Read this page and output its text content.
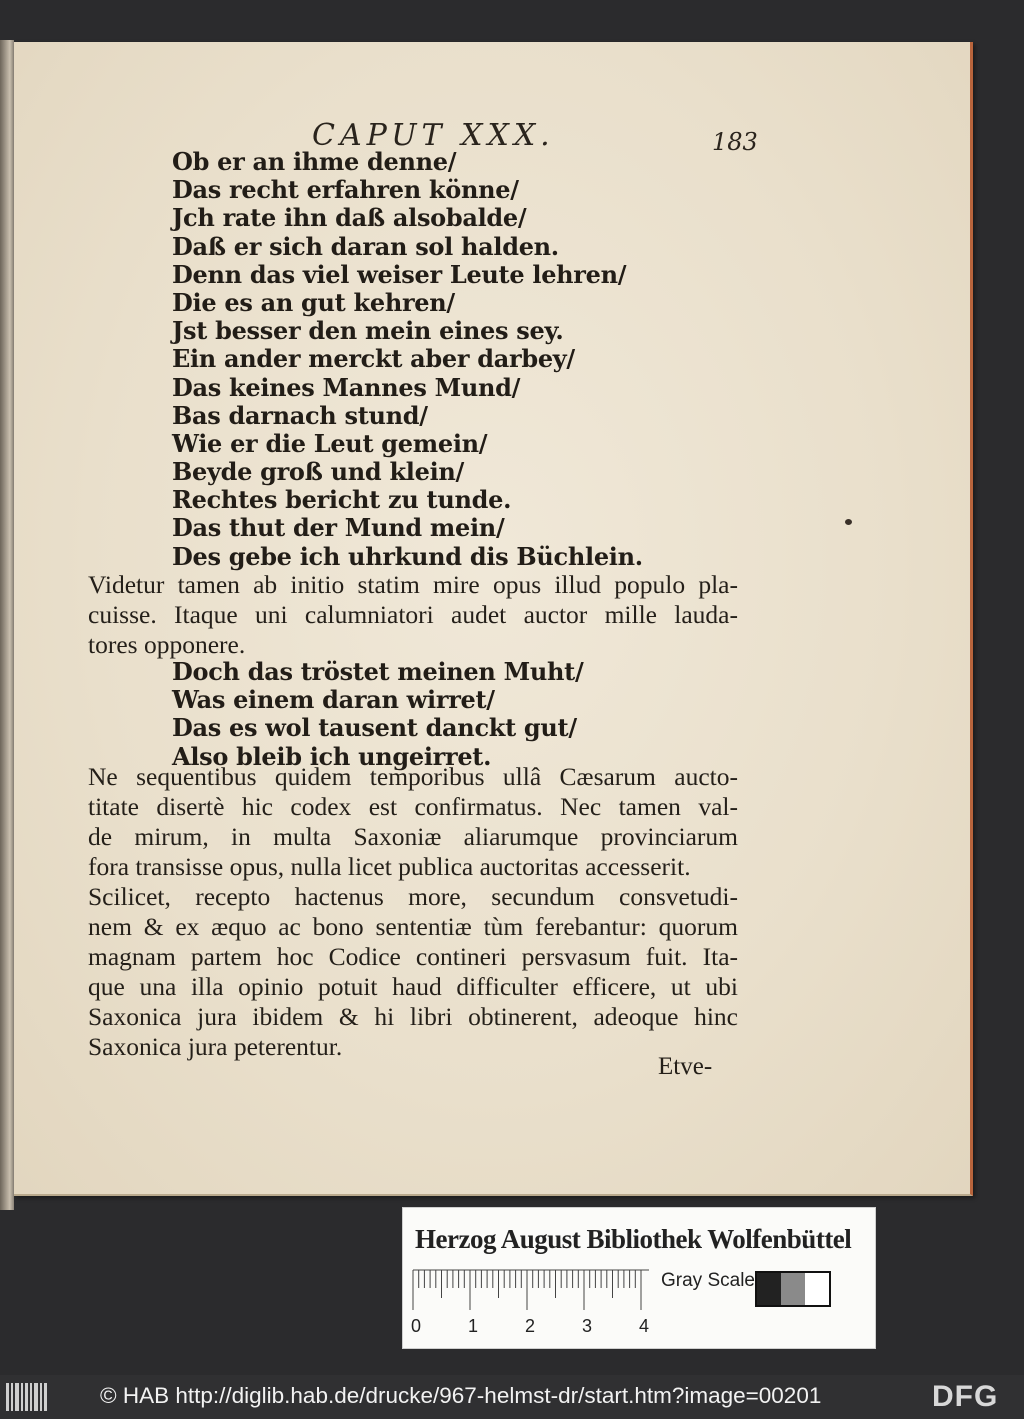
CAPUT XXX.	183
Ob er an ihme denne/
Das recht erfahren könne/
Jch rate ihn daß alsobalde/
Daß er sich daran sol halden.
Denn das viel weiser Leute lehren/
Die es an gut kehren/
Jst besser den mein eines sey.
Ein ander merckt aber darbey/
Das keines Mannes Mund/
Bas darnach stund/
Wie er die Leut gemein/
Beyde groß und klein/
Rechtes bericht zu tunde.
Das thut der Mund mein/
Des gebe ich uhrkund dis Büchlein.
Videtur tamen ab initio statim mire opus illud populo pla-
cuisse. Itaque uni calumniatori audet auctor mille lauda-
tores opponere.
Doch das tröstet meinen Muht/
Was einem daran wirret/
Das es wol tausent danckt gut/
Also bleib ich ungeirret.
Ne sequentibus quidem temporibus ullâ Cæsarum aucto-
titate disertè hic codex est confirmatus. Nec tamen val-
de mirum, in multa Saxoniæ aliarumque provinciarum
fora transisse opus, nulla licet publica auctoritas accesserit.
Scilicet, recepto hactenus more, secundum consvetudi-
nem & ex æquo ac bono sententiæ tùm ferebantur: quorum
magnam partem hoc Codice contineri persvasum fuit. Ita-
que una illa opinio potuit haud difficulter efficere, ut ubi
Saxonica jura ibidem & hi libri obtinerent, adeoque hinc
Saxonica jura peterentur.
Etve-
Herzog August Bibliothek Wolfenbüttel
0	1	2	3	4
Gray Scale
© HAB http://diglib.hab.de/drucke/967-helmst-dr/start.htm?image=00201	DFG
